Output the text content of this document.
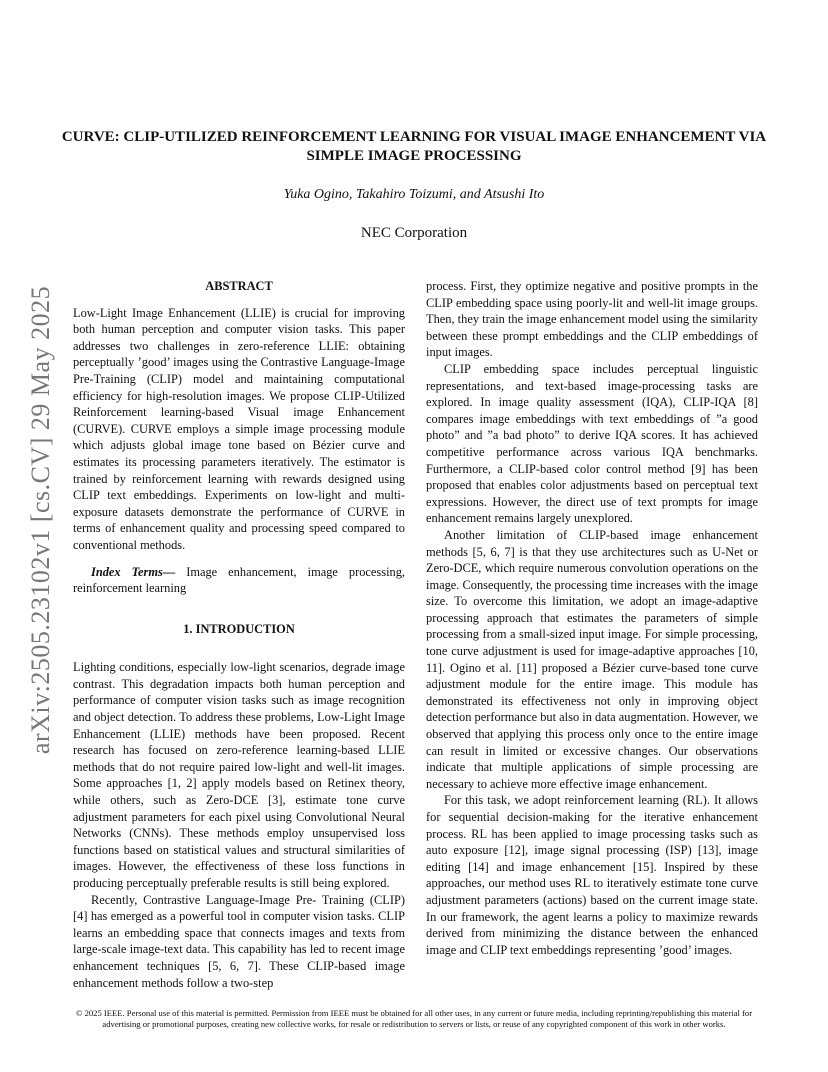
arXiv:2505.23102v1 [cs.CV] 29 May 2025
CURVE: CLIP-UTILIZED REINFORCEMENT LEARNING FOR VISUAL IMAGE ENHANCEMENT VIA SIMPLE IMAGE PROCESSING
Yuka Ogino, Takahiro Toizumi, and Atsushi Ito
NEC Corporation
ABSTRACT

Low-Light Image Enhancement (LLIE) is crucial for improving both human perception and computer vision tasks. This paper addresses two challenges in zero-reference LLIE: obtaining perceptually ’good’ images using the Contrastive Language-Image Pre-Training (CLIP) model and maintaining computational efficiency for high-resolution images. We propose CLIP-Utilized Reinforcement learning-based Visual image Enhancement (CURVE). CURVE employs a simple image processing module which adjusts global image tone based on Bézier curve and estimates its processing parameters iteratively. The estimator is trained by reinforcement learning with rewards designed using CLIP text embeddings. Experiments on low-light and multi-exposure datasets demonstrate the performance of CURVE in terms of enhancement quality and processing speed compared to conventional methods.

Index Terms— Image enhancement, image processing, reinforcement learning

1. INTRODUCTION

Lighting conditions, especially low-light scenarios, degrade image contrast. This degradation impacts both human perception and performance of computer vision tasks such as image recognition and object detection. To address these problems, Low-Light Image Enhancement (LLIE) methods have been proposed. Recent research has focused on zero-reference learning-based LLIE methods that do not require paired low-light and well-lit images. Some approaches [1, 2] apply models based on Retinex theory, while others, such as Zero-DCE [3], estimate tone curve adjustment parameters for each pixel using Convolutional Neural Networks (CNNs). These methods employ unsupervised loss functions based on statistical values and structural similarities of images. However, the effectiveness of these loss functions in producing perceptually preferable results is still being explored.

Recently, Contrastive Language-Image Pre- Training (CLIP) [4] has emerged as a powerful tool in computer vision tasks. CLIP learns an embedding space that connects images and texts from large-scale image-text data. This capability has led to recent image enhancement techniques [5, 6, 7]. These CLIP-based image enhancement methods follow a two-step

process. First, they optimize negative and positive prompts in the CLIP embedding space using poorly-lit and well-lit image groups. Then, they train the image enhancement model using the similarity between these prompt embeddings and the CLIP embeddings of input images.

CLIP embedding space includes perceptual linguistic representations, and text-based image-processing tasks are explored. In image quality assessment (IQA), CLIP-IQA [8] compares image embeddings with text embeddings of ”a good photo” and ”a bad photo” to derive IQA scores. It has achieved competitive performance across various IQA benchmarks. Furthermore, a CLIP-based color control method [9] has been proposed that enables color adjustments based on perceptual text expressions. However, the direct use of text prompts for image enhancement remains largely unexplored.

Another limitation of CLIP-based image enhancement methods [5, 6, 7] is that they use architectures such as U-Net or Zero-DCE, which require numerous convolution operations on the image. Consequently, the processing time increases with the image size. To overcome this limitation, we adopt an image-adaptive processing approach that estimates the parameters of simple processing from a small-sized input image. For simple processing, tone curve adjustment is used for image-adaptive approaches [10, 11]. Ogino et al. [11] proposed a Bézier curve-based tone curve adjustment module for the entire image. This module has demonstrated its effectiveness not only in improving object detection performance but also in data augmentation. However, we observed that applying this process only once to the entire image can result in limited or excessive changes. Our observations indicate that multiple applications of simple processing are necessary to achieve more effective image enhancement.

For this task, we adopt reinforcement learning (RL). It allows for sequential decision-making for the iterative enhancement process. RL has been applied to image processing tasks such as auto exposure [12], image signal processing (ISP) [13], image editing [14] and image enhancement [15]. Inspired by these approaches, our method uses RL to iteratively estimate tone curve adjustment parameters (actions) based on the current image state. In our framework, the agent learns a policy to maximize rewards derived from minimizing the distance between the enhanced image and CLIP text embeddings representing ’good’ images.

© 2025 IEEE. Personal use of this material is permitted. Permission from IEEE must be obtained for all other uses, in any current or future media, including reprinting/republishing this material for advertising or promotional purposes, creating new collective works, for resale or redistribution to servers or lists, or reuse of any copyrighted component of this work in other works.
